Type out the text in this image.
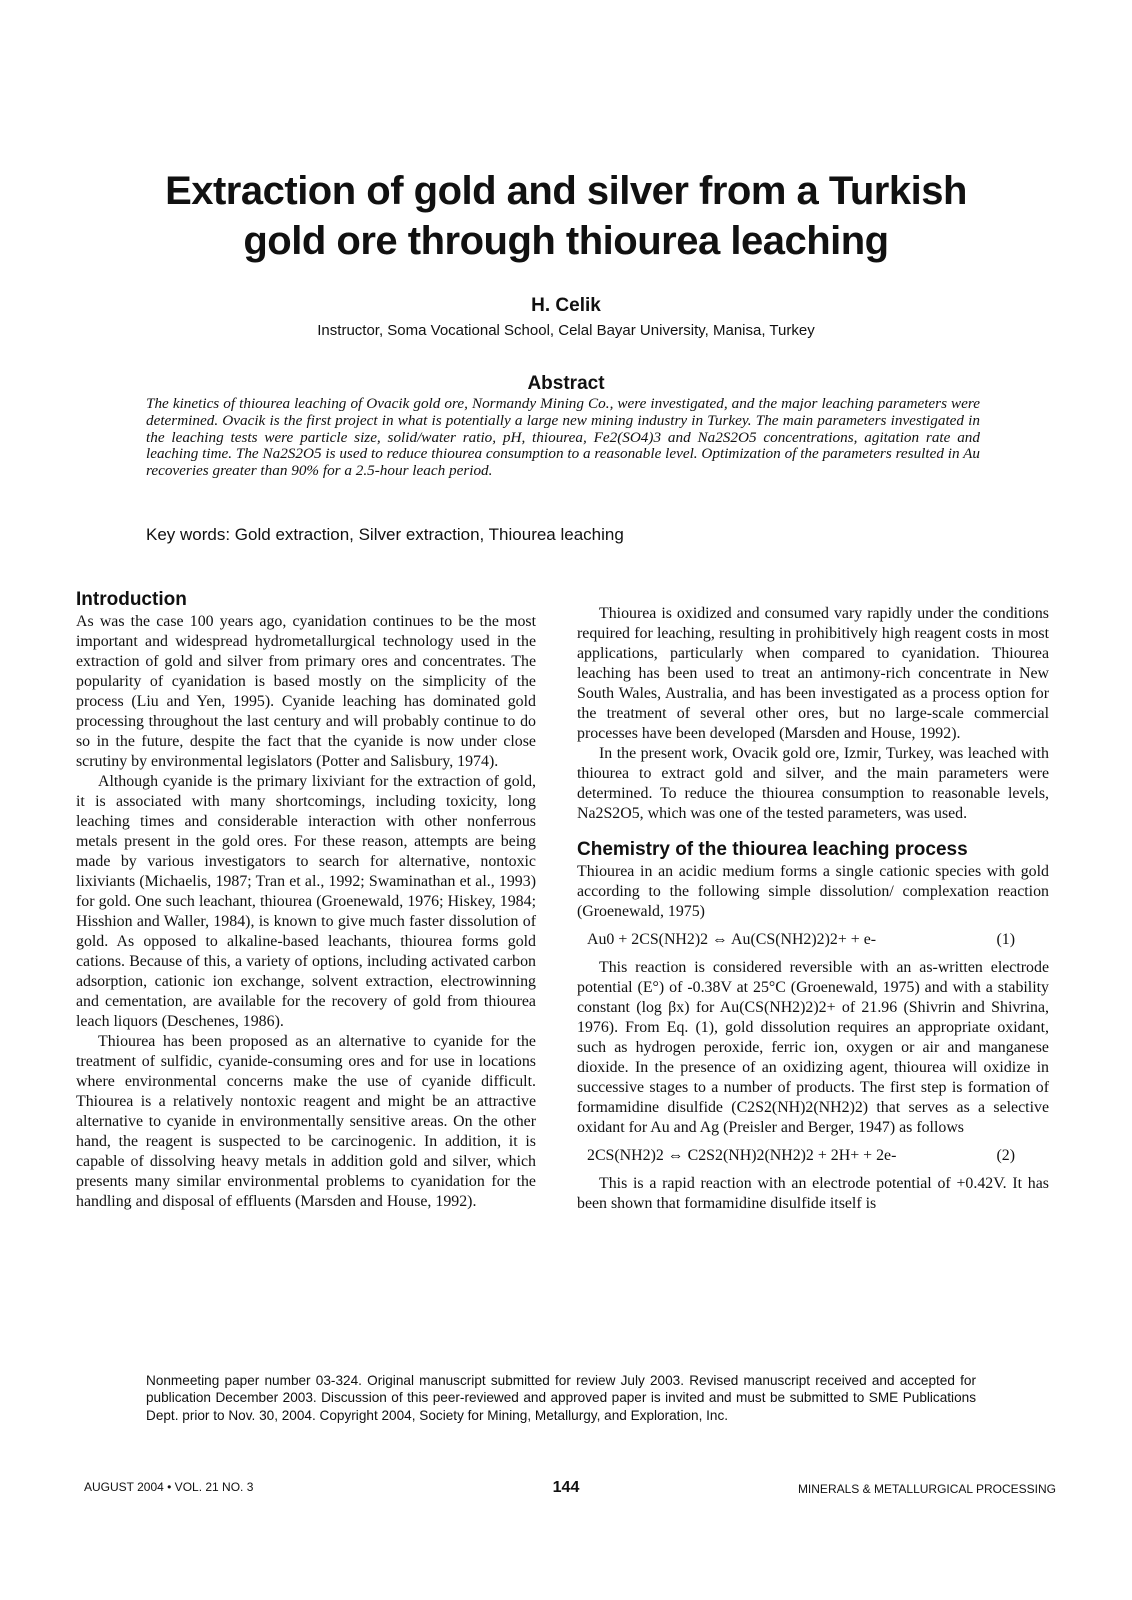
Extraction of gold and silver from a Turkish
gold ore through thiourea leaching
H. Celik
Instructor, Soma Vocational School, Celal Bayar University, Manisa, Turkey
Abstract
The kinetics of thiourea leaching of Ovacik gold ore, Normandy Mining Co., were investigated, and the major leaching parameters were determined. Ovacik is the first project in what is potentially a large new mining industry in Turkey. The main parameters investigated in the leaching tests were particle size, solid/water ratio, pH, thiourea, Fe2(SO4)3 and Na2S2O5 concentrations, agitation rate and leaching time. The Na2S2O5 is used to reduce thiourea consumption to a reasonable level. Optimization of the parameters resulted in Au recoveries greater than 90% for a 2.5-hour leach period.
Key words: Gold extraction, Silver extraction, Thiourea leaching
Introduction

As was the case 100 years ago, cyanidation continues to be the most important and widespread hydrometallurgical technology used in the extraction of gold and silver from primary ores and concentrates. The popularity of cyanidation is based mostly on the simplicity of the process (Liu and Yen, 1995). Cyanide leaching has dominated gold processing throughout the last century and will probably continue to do so in the future, despite the fact that the cyanide is now under close scrutiny by environmental legislators (Potter and Salisbury, 1974).

Although cyanide is the primary lixiviant for the extraction of gold, it is associated with many shortcomings, including toxicity, long leaching times and considerable interaction with other nonferrous metals present in the gold ores. For these reason, attempts are being made by various investigators to search for alternative, nontoxic lixiviants (Michaelis, 1987; Tran et al., 1992; Swaminathan et al., 1993) for gold. One such leachant, thiourea (Groenewald, 1976; Hiskey, 1984; Hisshion and Waller, 1984), is known to give much faster dissolution of gold. As opposed to alkaline-based leachants, thiourea forms gold cations. Because of this, a variety of options, including activated carbon adsorption, cationic ion exchange, solvent extraction, electrowinning and cementation, are available for the recovery of gold from thiourea leach liquors (Deschenes, 1986).

Thiourea has been proposed as an alternative to cyanide for the treatment of sulfidic, cyanide-consuming ores and for use in locations where environmental concerns make the use of cyanide difficult. Thiourea is a relatively nontoxic reagent and might be an attractive alternative to cyanide in environmentally sensitive areas. On the other hand, the reagent is suspected to be carcinogenic. In addition, it is capable of dissolving heavy metals in addition gold and silver, which presents many similar environmental problems to cyanidation for the handling and disposal of effluents (Marsden and House, 1992).

Thiourea is oxidized and consumed vary rapidly under the conditions required for leaching, resulting in prohibitively high reagent costs in most applications, particularly when compared to cyanidation. Thiourea leaching has been used to treat an antimony-rich concentrate in New South Wales, Australia, and has been investigated as a process option for the treatment of several other ores, but no large-scale commercial processes have been developed (Marsden and House, 1992).

In the present work, Ovacik gold ore, Izmir, Turkey, was leached with thiourea to extract gold and silver, and the main parameters were determined. To reduce the thiourea consumption to reasonable levels, Na2S2O5, which was one of the tested parameters, was used.

Chemistry of the thiourea leaching process

Thiourea in an acidic medium forms a single cationic species with gold according to the following simple dissolution/ complexation reaction (Groenewald, 1975)

Au0 + 2CS(NH2)2 ⇔ Au(CS(NH2)2)2+ + e-	(1)

This reaction is considered reversible with an as-written electrode potential (E°) of -0.38V at 25°C (Groenewald, 1975) and with a stability constant (log βx) for Au(CS(NH2)2)2+ of 21.96 (Shivrin and Shivrina, 1976). From Eq. (1), gold dissolution requires an appropriate oxidant, such as hydrogen peroxide, ferric ion, oxygen or air and manganese dioxide. In the presence of an oxidizing agent, thiourea will oxidize in successive stages to a number of products. The first step is formation of formamidine disulfide (C2S2(NH)2(NH2)2) that serves as a selective oxidant for Au and Ag (Preisler and Berger, 1947) as follows

2CS(NH2)2 ⇔ C2S2(NH)2(NH2)2 + 2H+ + 2e-	(2)

This is a rapid reaction with an electrode potential of +0.42V. It has been shown that formamidine disulfide itself is

Nonmeeting paper number 03-324. Original manuscript submitted for review July 2003. Revised manuscript received and accepted for publication December 2003. Discussion of this peer-reviewed and approved paper is invited and must be submitted to SME Publications Dept. prior to Nov. 30, 2004. Copyright 2004, Society for Mining, Metallurgy, and Exploration, Inc.
AUGUST 2004 • VOL. 21 NO. 3	144	MINERALS & METALLURGICAL PROCESSING
